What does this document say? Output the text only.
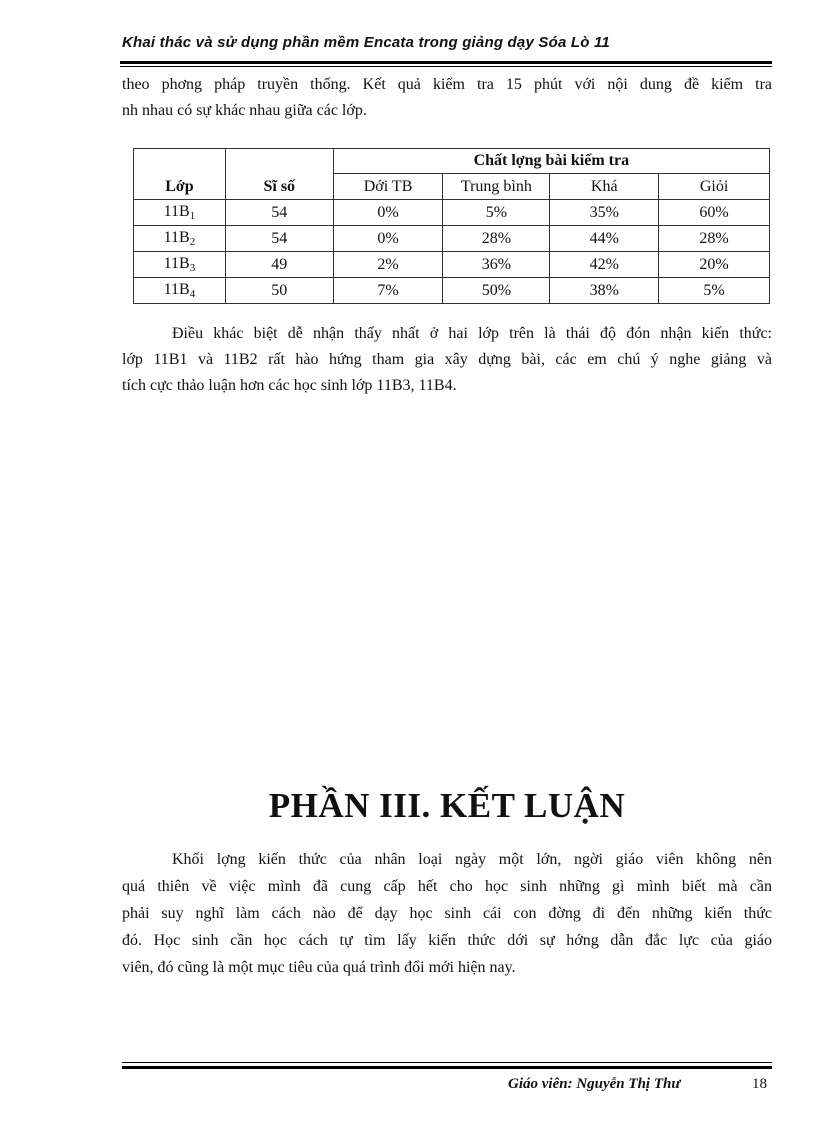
Khai thác và sử dụng phần mềm Encata trong giảng dạy Sóa Lò 11
theo phơng pháp truyền thống. Kết quả kiểm tra 15 phút với nội dung đề kiểm tra
nh nhau có sự khác nhau giữa các lớp.
Lớp	Sĩ số	Chất lợng bài kiểm tra			
		Dới TB	Trung bình	Khá	Giỏi
$11B_1$	54	0%	5%	35%	60%
$11B_2$	54	0%	28%	44%	28%
$11B_3$	49	2%	36%	42%	20%
$11B_4$	50	7%	50%	38%	5%
Điều khác biệt dễ nhận thấy nhất ở hai lớp trên là thái độ đón nhận kiến thức:
lớp 11B1 và 11B2 rất hào hứng tham gia xây dựng bài, các em chú ý nghe giảng và
tích cực thảo luận hơn các học sinh lớp 11B3, 11B4.
PHẦN III. KẾT LUẬN
Khối lợng kiến thức của nhân loại ngày một lớn, ngời giáo viên không nên
quá thiên về việc mình đã cung cấp hết cho học sinh những gì mình biết mà cần
phải suy nghĩ làm cách nào để dạy học sinh cái con đờng đi đến những kiến thức
đó. Học sinh cần học cách tự tìm lấy kiến thức dới sự hớng dẫn đắc lực của giáo
viên, đó cũng là một mục tiêu của quá trình đổi mới hiện nay.
Giáo viên: Nguyễn Thị Thư	18
